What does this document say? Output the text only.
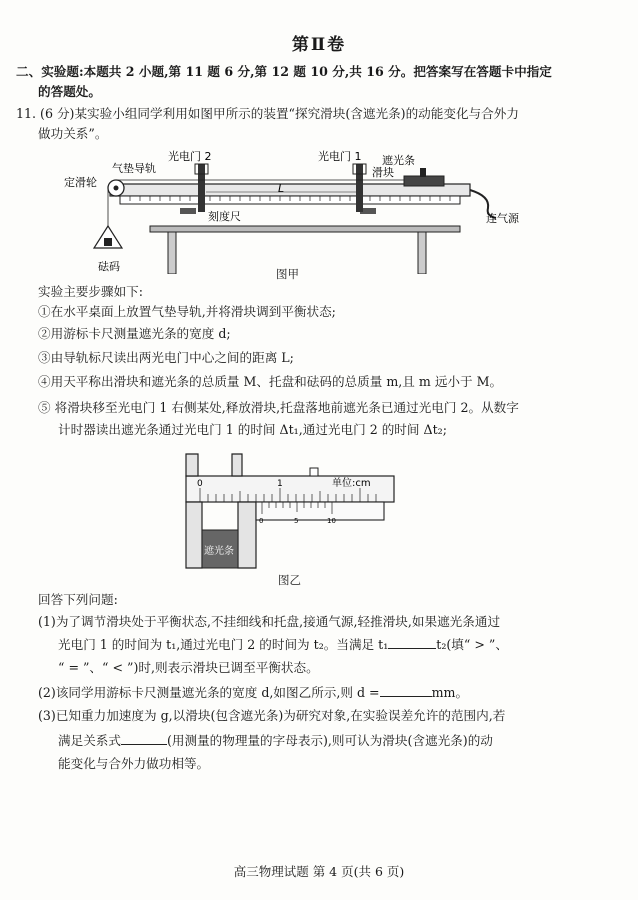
第Ⅱ卷
二、实验题:本题共 2 小题,第 11 题 6 分,第 12 题 10 分,共 16 分。把答案写在答题卡中指定
的答题处。
11. (6 分)某实验小组同学利用如图甲所示的装置“探究滑块(含遮光条)的动能变化与合外力
做功关系”。
定滑轮
气垫导轨
光电门 2	光电门 1 遮光条
滑块
L
刻度尺	连气源
砝码
图甲
实验主要步骤如下:
①在水平桌面上放置气垫导轨,并将滑块调到平衡状态;
②用游标卡尺测量遮光条的宽度 d;
③由导轨标尺读出两光电门中心之间的距离 L;
④用天平称出滑块和遮光条的总质量 M、托盘和砝码的总质量 m,且 m 远小于 M。
⑤ 将滑块移至光电门 1 右侧某处,释放滑块,托盘落地前遮光条已通过光电门 2。从数字
计时器读出遮光条通过光电门 1 的时间 Δt₁,通过光电门 2 的时间 Δt₂;
0	1	单位:cm
0	5	10
遮光条
图乙
回答下列问题:
(1)为了调节滑块处于平衡状态,不挂细线和托盘,接通气源,轻推滑块,如果遮光条通过
光电门 1 的时间为 t₁,通过光电门 2 的时间为 t₂。当满足 t₁	t₂(填“ > ”、
“ = ”、“ < ”)时,则表示滑块已调至平衡状态。
(2)该同学用游标卡尺测量遮光条的宽度 d,如图乙所示,则 d =	mm。
(3)已知重力加速度为 g,以滑块(包含遮光条)为研究对象,在实验误差允许的范围内,若
满足关系式	(用测量的物理量的字母表示),则可认为滑块(含遮光条)的动
能变化与合外力做功相等。
高三物理试题 第 4 页(共 6 页)
